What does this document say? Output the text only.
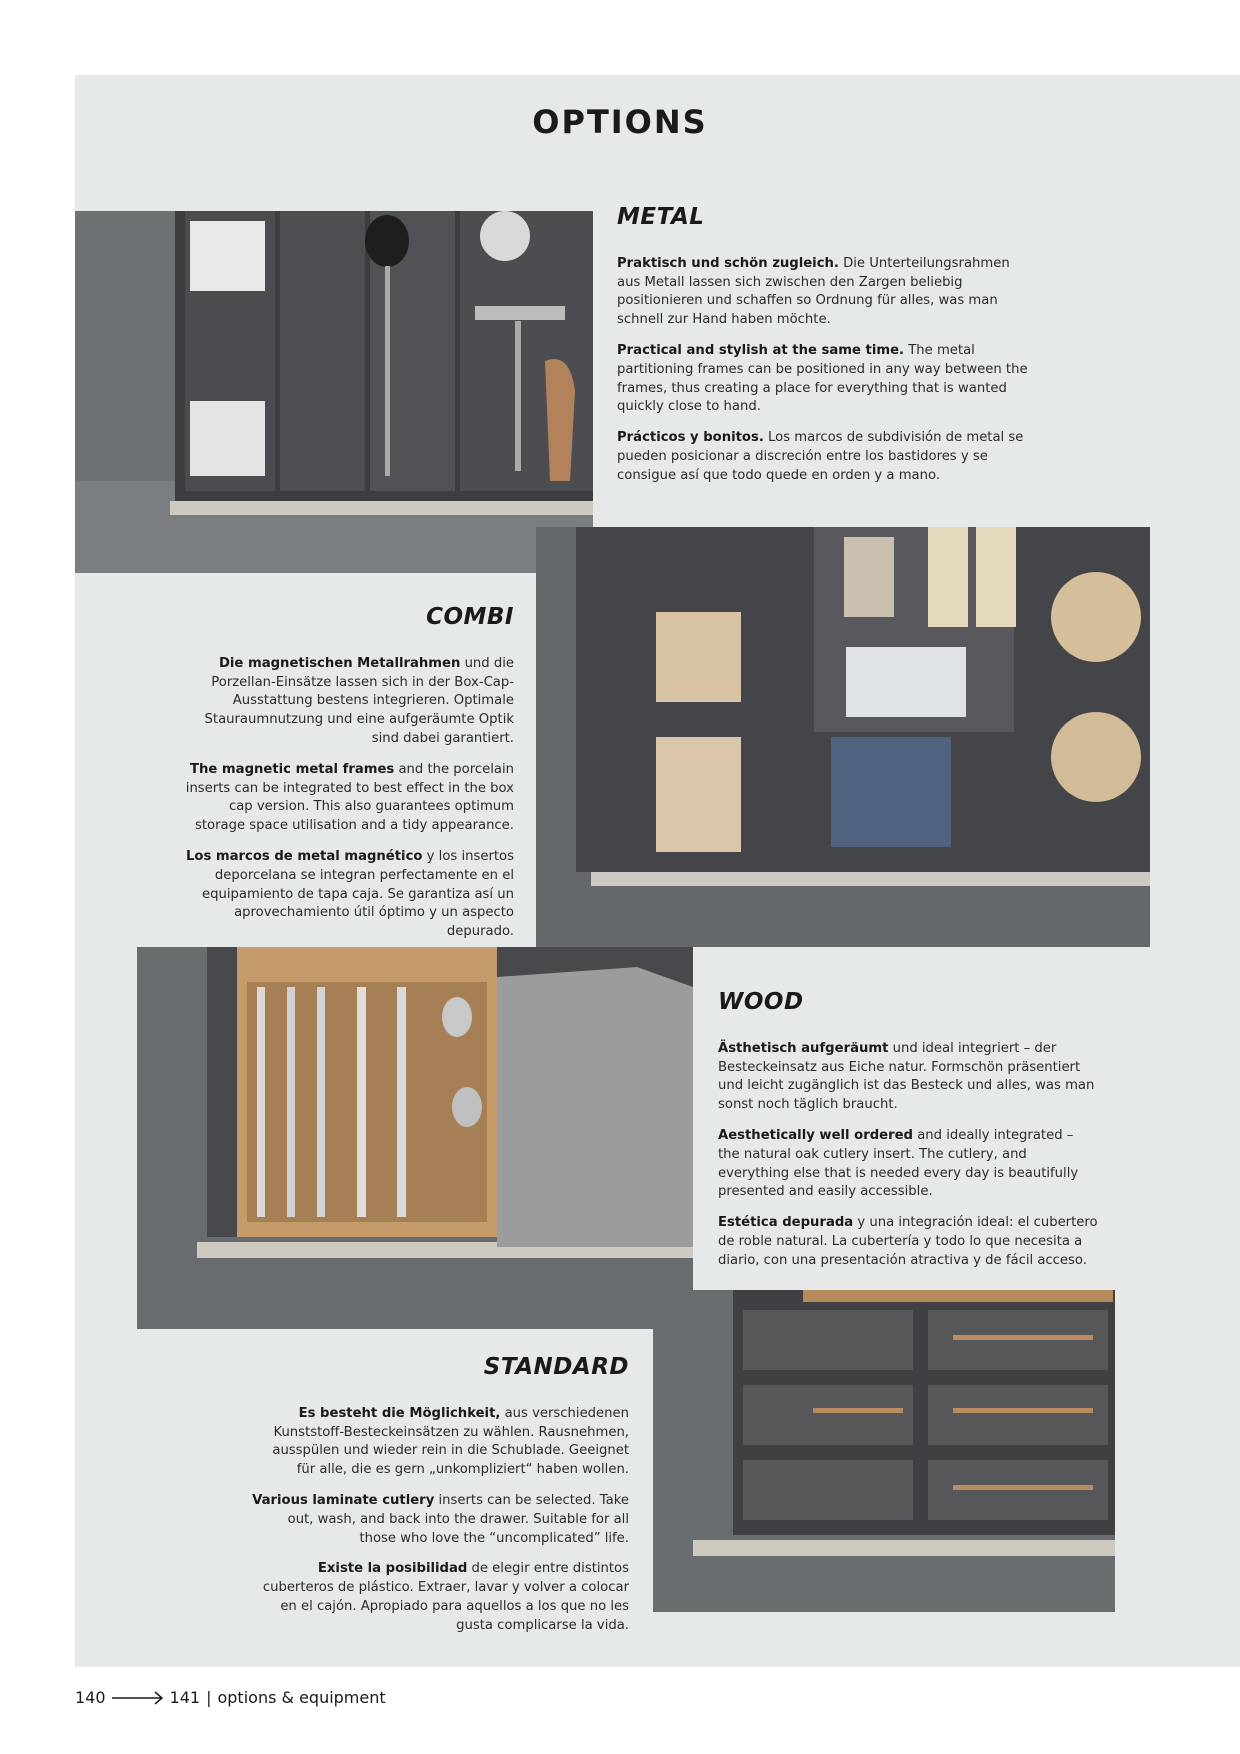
OPTIONS
METAL

Praktisch und schön zugleich. Die Unterteilungsrahmen aus Metall lassen sich zwischen den Zargen beliebig positionieren und schaffen so Ordnung für alles, was man schnell zur Hand haben möchte.

Practical and stylish at the same time. The metal partitioning frames can be positioned in any way between the frames, thus creating a place for everything that is wanted quickly close to hand.

Prácticos y bonitos. Los marcos de subdivisión de metal se pueden posicionar a discreción entre los bastidores y se consigue así que todo quede en orden y a mano.

COMBI

Die magnetischen Metallrahmen und die Porzellan-Einsätze lassen sich in der Box-Cap-Ausstattung bestens integrieren. Optimale Stauraumnutzung und eine aufgeräumte Optik sind dabei garantiert.

The magnetic metal frames and the porcelain inserts can be integrated to best effect in the box cap version. This also guarantees optimum storage space utilisation and a tidy appearance.

Los marcos de metal magnético y los insertos deporcelana se integran perfectamente en el equipamiento de tapa caja. Se garantiza así un aprovechamiento útil óptimo y un aspecto depurado.

WOOD

Ästhetisch aufgeräumt und ideal integriert – der Besteckeinsatz aus Eiche natur. Formschön präsentiert und leicht zugänglich ist das Besteck und alles, was man sonst noch täglich braucht.

Aesthetically well ordered and ideally integrated – the natural oak cutlery insert. The cutlery, and everything else that is needed every day is beautifully presented and easily accessible.

Estética depurada y una integración ideal: el cubertero de roble natural. La cubertería y todo lo que necesita a diario, con una presentación atractiva y de fácil acceso.

STANDARD

Es besteht die Möglichkeit, aus verschiedenen Kunststoff-Besteckeinsätzen zu wählen. Rausnehmen, ausspülen und wieder rein in die Schublade. Geeignet für alle, die es gern „unkompliziert“ haben wollen.

Various laminate cutlery inserts can be selected. Take out, wash, and back into the drawer. Suitable for all those who love the “uncomplicated” life.

Existe la posibilidad de elegir entre distintos cuberteros de plástico. Extraer, lavar y volver a colocar en el cajón. Apropiado para aquellos a los que no les gusta complicarse la vida.

140	141 | options & equipment
